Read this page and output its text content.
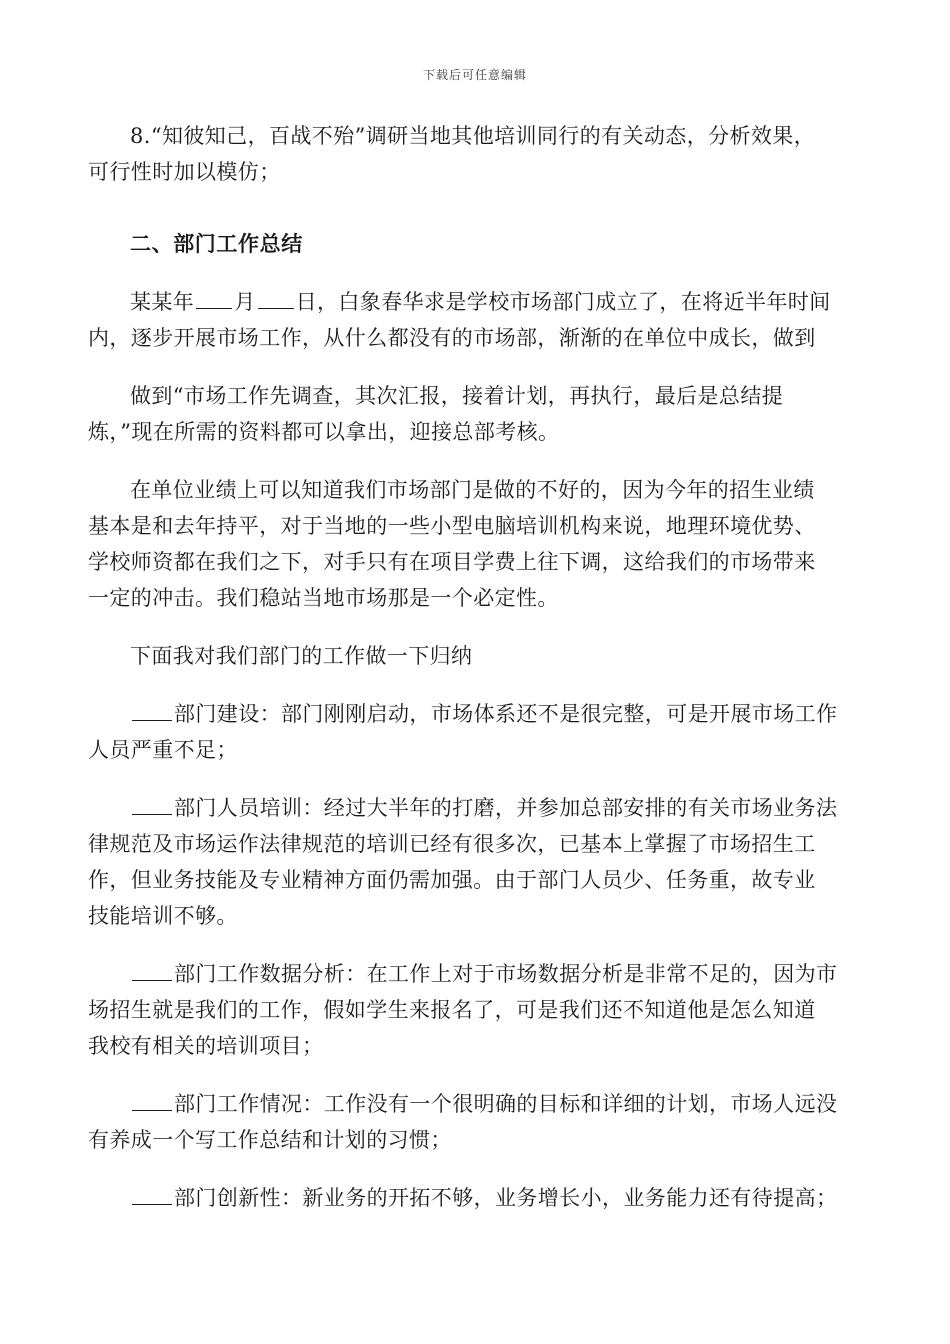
下载后可任意编辑

8.“知彼知己，百战不殆”调研当地其他培训同行的有关动态，分析效果，
可行性时加以模仿；

二、部门工作总结

某某年 月 日，白象春华求是学校市场部门成立了，在将近半年时间
内，逐步开展市场工作，从什么都没有的市场部，渐渐的在单位中成长，做到

做到“市场工作先调查，其次汇报，接着计划，再执行，最后是总结提
炼，”现在所需的资料都可以拿出，迎接总部考核。

在单位业绩上可以知道我们市场部门是做的不好的，因为今年的招生业绩
基本是和去年持平，对于当地的一些小型电脑培训机构来说，地理环境优势、
学校师资都在我们之下，对手只有在项目学费上往下调，这给我们的市场带来
一定的冲击。我们稳站当地市场那是一个必定性。

下面我对我们部门的工作做一下归纳

部门建设：部门刚刚启动，市场体系还不是很完整，可是开展市场工作
人员严重不足；

部门人员培训：经过大半年的打磨，并参加总部安排的有关市场业务法
律规范及市场运作法律规范的培训已经有很多次，已基本上掌握了市场招生工
作，但业务技能及专业精神方面仍需加强。由于部门人员少、任务重，故专业
技能培训不够。

部门工作数据分析：在工作上对于市场数据分析是非常不足的，因为市
场招生就是我们的工作，假如学生来报名了，可是我们还不知道他是怎么知道
我校有相关的培训项目；

部门工作情况：工作没有一个很明确的目标和详细的计划，市场人远没
有养成一个写工作总结和计划的习惯；

部门创新性：新业务的开拓不够，业务增长小，业务能力还有待提高；
